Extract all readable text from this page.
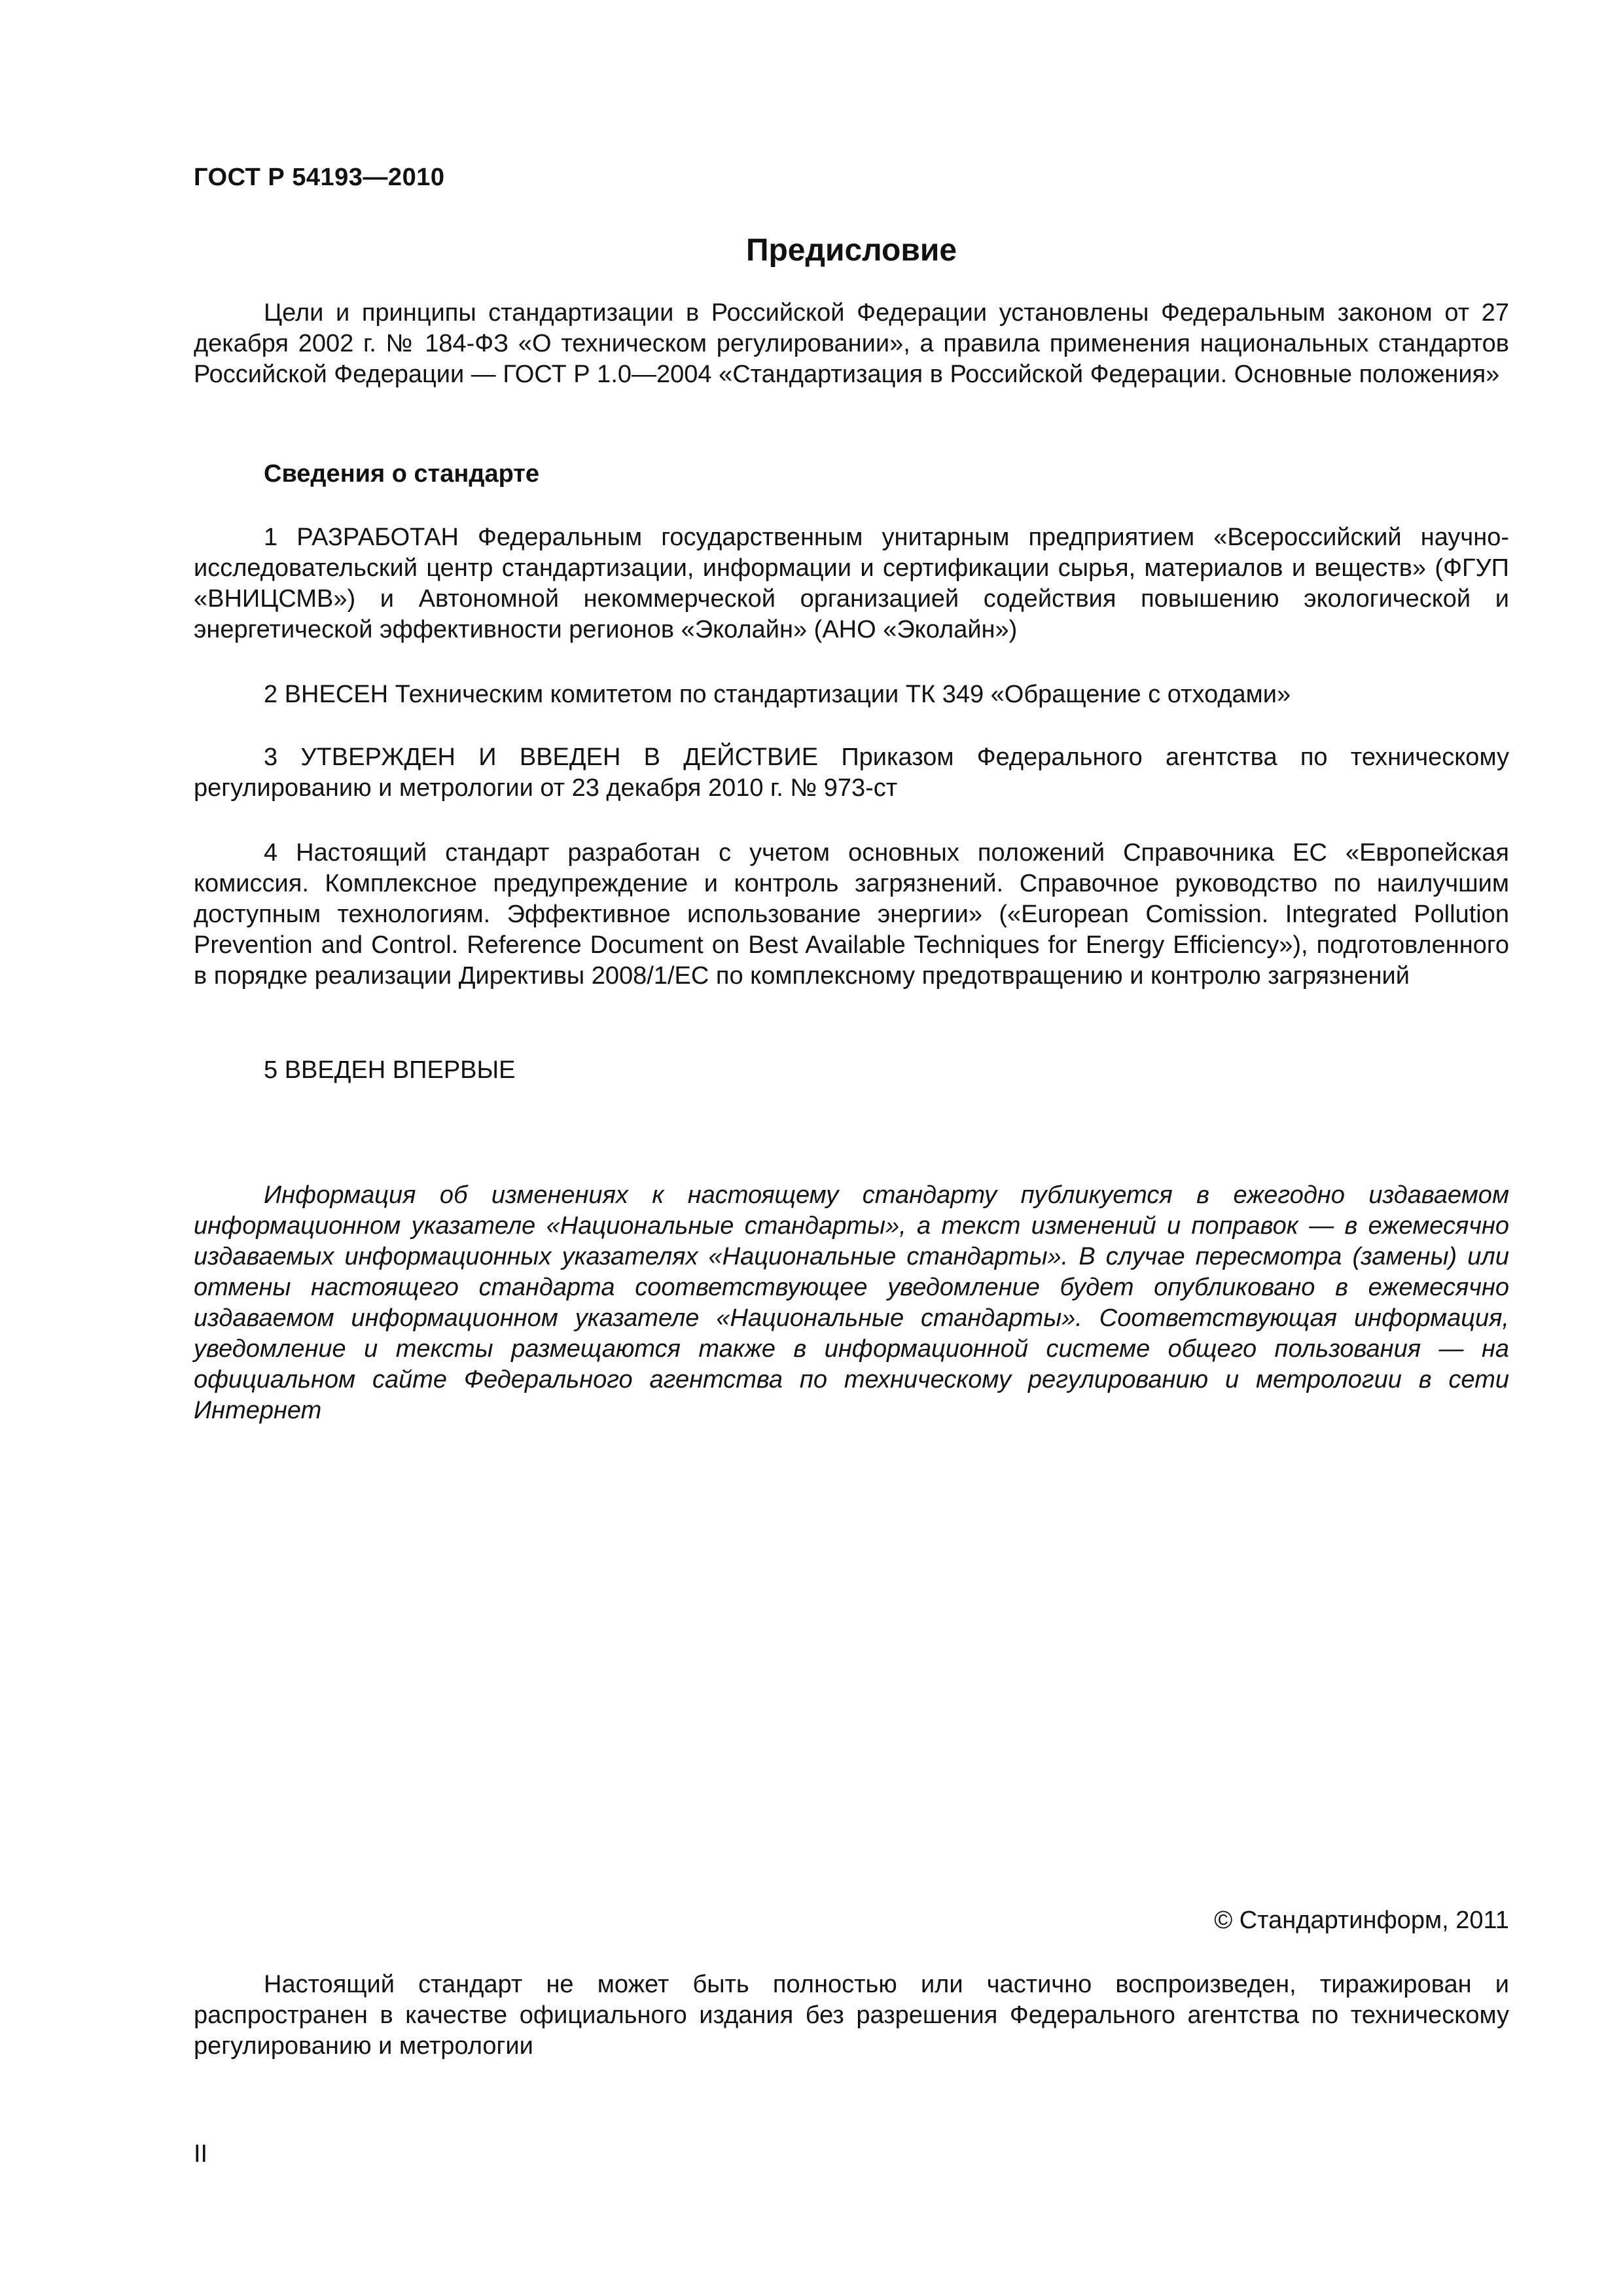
ГОСТ Р 54193—2010
Предисловие

Цели и принципы стандартизации в Российской Федерации установлены Федеральным законом от 27 декабря 2002 г. № 184-ФЗ «О техническом регулировании», а правила применения национальных стандартов Российской Федерации — ГОСТ Р 1.0—2004 «Стандартизация в Российской Федерации. Основные положения»

Сведения о стандарте

1 РАЗРАБОТАН Федеральным государственным унитарным предприятием «Всероссийский научно-исследовательский центр стандартизации, информации и сертификации сырья, материалов и веществ» (ФГУП «ВНИЦСМВ») и Автономной некоммерческой организацией содействия повышению экологической и энергетической эффективности регионов «Эколайн» (АНО «Эколайн»)

2 ВНЕСЕН Техническим комитетом по стандартизации ТК 349 «Обращение с отходами»

3 УТВЕРЖДЕН И ВВЕДЕН В ДЕЙСТВИЕ Приказом Федерального агентства по техническому регулированию и метрологии от 23 декабря 2010 г. № 973-ст

4 Настоящий стандарт разработан с учетом основных положений Справочника ЕС «Европейская комиссия. Комплексное предупреждение и контроль загрязнений. Справочное руководство по наилучшим доступным технологиям. Эффективное использование энергии» («European Comission. Integrated Pollution Prevention and Control. Reference Document on Best Available Techniques for Energy Efficiency»), подготовленного в порядке реализации Директивы 2008/1/ЕС по комплексному предотвращению и контролю загрязнений

5 ВВЕДЕН ВПЕРВЫЕ

Информация об изменениях к настоящему стандарту публикуется в ежегодно издаваемом информационном указателе «Национальные стандарты», а текст изменений и поправок — в ежемесячно издаваемых информационных указателях «Национальные стандарты». В случае пересмотра (замены) или отмены настоящего стандарта соответствующее уведомление будет опубликовано в ежемесячно издаваемом информационном указателе «Национальные стандарты». Соответствующая информация, уведомление и тексты размещаются также в информационной системе общего пользования — на официальном сайте Федерального агентства по техническому регулированию и метрологии в сети Интернет

© Стандартинформ, 2011

Настоящий стандарт не может быть полностью или частично воспроизведен, тиражирован и распространен в качестве официального издания без разрешения Федерального агентства по техническому регулированию и метрологии

II
